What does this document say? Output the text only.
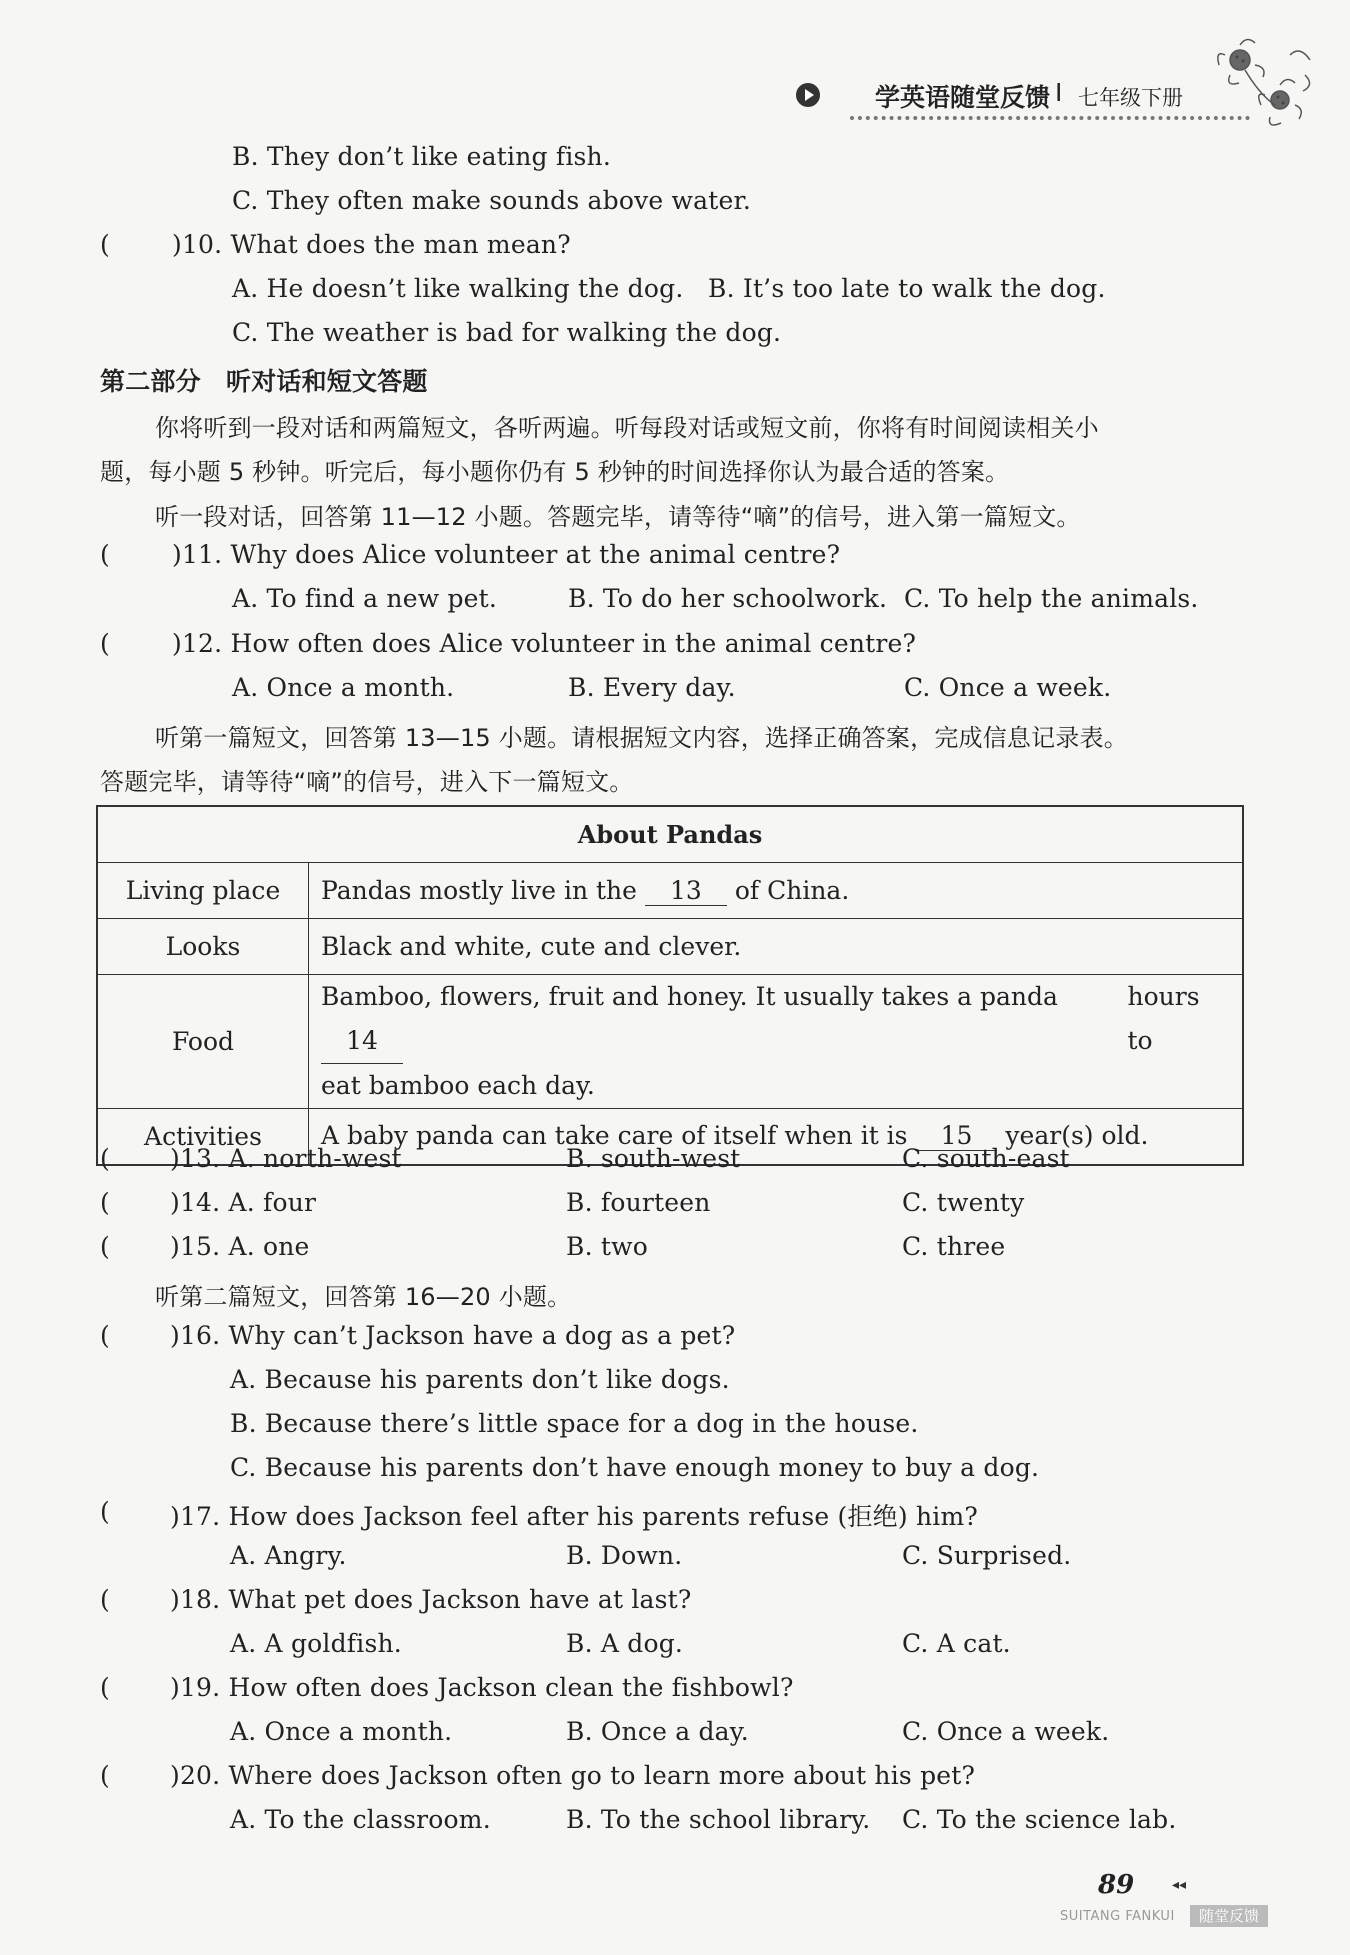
学英语随堂反馈 I 七年级下册
B. They don’t like eating fish.
C. They often make sounds above water.
( )10. What does the man mean?
A. He doesn’t like walking the dog. B. It’s too late to walk the dog.
C. The weather is bad for walking the dog.
第二部分　听对话和短文答题
你将听到一段对话和两篇短文，各听两遍。听每段对话或短文前，你将有时间阅读相关小
题，每小题 5 秒钟。听完后，每小题你仍有 5 秒钟的时间选择你认为最合适的答案。
听一段对话，回答第 11—12 小题。答题完毕，请等待“嘀”的信号，进入第一篇短文。
( )11. Why does Alice volunteer at the animal centre?
A. To find a new pet.	B. To do her schoolwork. C. To help the animals.
( )12. How often does Alice volunteer in the animal centre?
A. Once a month.	B. Every day.	C. Once a week.
听第一篇短文，回答第 13—15 小题。请根据短文内容，选择正确答案，完成信息记录表。
答题完毕，请等待“嘀”的信号，进入下一篇短文。
About Pandas	
Living place	Pandas mostly live in the 13 of China.
Looks	Black and white, cute and clever.
Food	Bamboo, flowers, fruit and honey. It usually takes a panda 14
hours to
eat bamboo each day.

Activities	A baby panda can take care of itself when it is 15 year(s) old.
( )13. A. north-west	B. south-west	C. south-east
( )14. A. four	B. fourteen	C. twenty
( )15. A. one	B. two	C. three
听第二篇短文，回答第 16—20 小题。
( )16. Why can’t Jackson have a dog as a pet?
A. Because his parents don’t like dogs.
B. Because there’s little space for a dog in the house.
C. Because his parents don’t have enough money to buy a dog.
( )17. How does Jackson feel after his parents refuse (拒绝) him?
A. Angry.	B. Down.	C. Surprised.
( )18. What pet does Jackson have at last?
A. A goldfish.	B. A dog.	C. A cat.
( )19. How often does Jackson clean the fishbowl?
A. Once a month.	B. Once a day.	C. Once a week.
( )20. Where does Jackson often go to learn more about his pet?
A. To the classroom.	B. To the school library. C. To the science lab.
89	◂◂
SUITANG FANKUI	随堂反馈
